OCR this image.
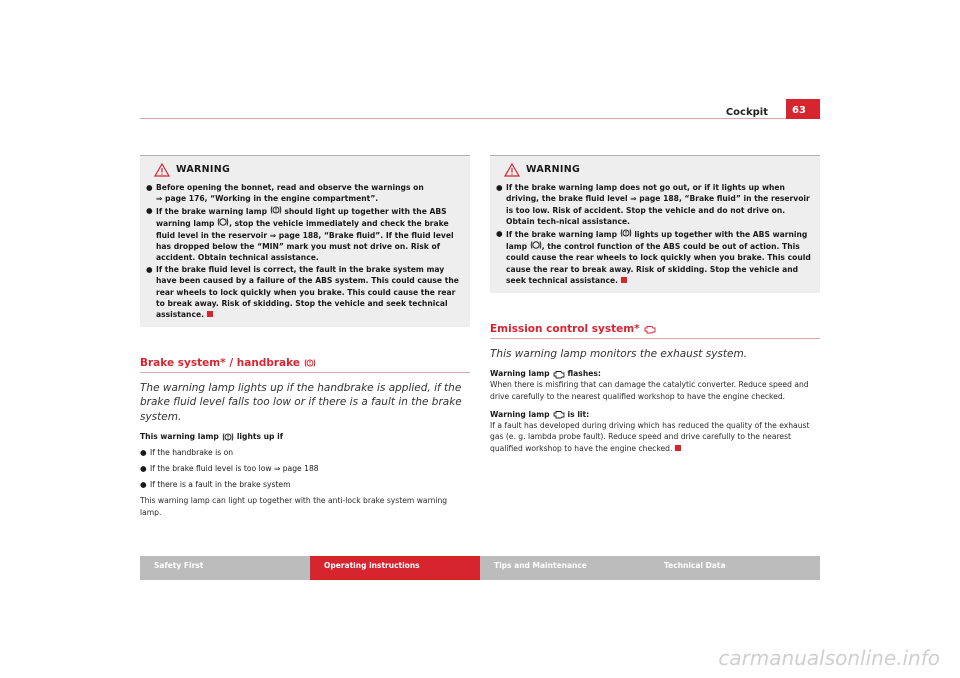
Cockpit	63
WARNING
● Before opening the bonnet, read and observe the warnings on
⇒ page 176, “Working in the engine compartment”.

● If the brake warning lamp should light up together with the ABS warning lamp , stop the vehicle immediately and check the brake fluid level in the reservoir ⇒ page 188, “Brake fluid”. If the fluid level has dropped below the “MIN” mark you must not drive on. Risk of accident. Obtain technical assistance.

● If the brake fluid level is correct, the fault in the brake system may have been caused by a failure of the ABS system. This could cause the rear wheels to lock quickly when you brake. This could cause the rear to break away. Risk of skidding. Stop the vehicle and seek technical assistance.

Brake system* / handbrake

The warning lamp lights up if the handbrake is applied, if the brake fluid level falls too low or if there is a fault in the brake system.

This warning lamp lights up if
● If the handbrake is on
● If the brake fluid level is too low ⇒ page 188
● If there is a fault in the brake system

This warning lamp can light up together with the anti-lock brake system warning lamp.

WARNING
● If the brake warning lamp does not go out, or if it lights up when driving, the brake fluid level ⇒ page 188, “Brake fluid” in the reservoir is too low. Risk of accident. Stop the vehicle and do not drive on. Obtain tech-nical assistance.

● If the brake warning lamp lights up together with the ABS warning lamp , the control function of the ABS could be out of action. This could cause the rear wheels to lock quickly when you brake. This could cause the rear to break away. Risk of skidding. Stop the vehicle and seek technical assistance.

Emission control system*

This warning lamp monitors the exhaust system.

Warning lamp flashes:

When there is misfiring that can damage the catalytic converter. Reduce speed and drive carefully to the nearest qualified workshop to have the engine checked.

Warning lamp is lit:

If a fault has developed during driving which has reduced the quality of the exhaust gas (e. g. lambda probe fault). Reduce speed and drive carefully to the nearest qualified workshop to have the engine checked.

Safety First	Operating instructions	Tips and Maintenance	Technical Data
carmanualsonline.info
